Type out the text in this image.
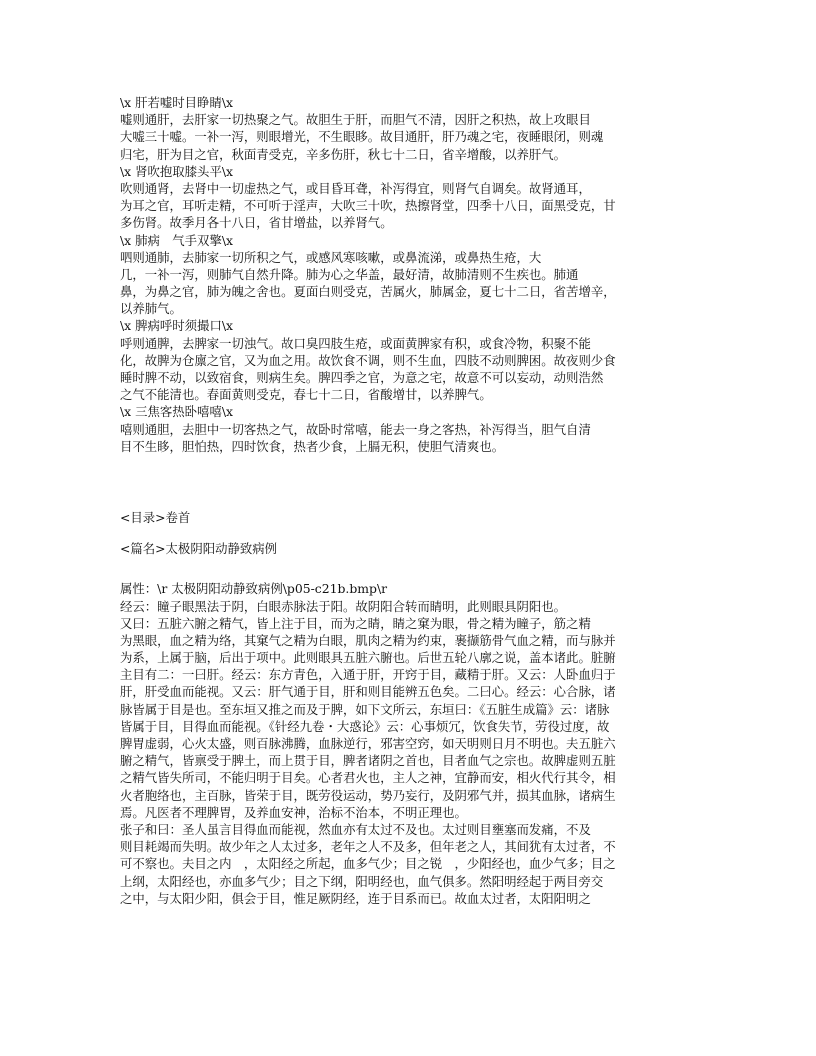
\x 肝若嘘时目睁睛\x
嘘则通肝，去肝家一切热聚之气。故胆生于肝，而胆气不清，因肝之积热，故上攻眼目
大嘘三十嘘。一补一泻，则眼增光，不生眼眵。故目通肝，肝乃魂之宅，夜睡眼闭，则魂
归宅，肝为目之官，秋面青受克，辛多伤肝，秋七十二日，省辛增酸，以养肝气。
\x 肾吹抱取膝头平\x
吹则通肾，去肾中一切虚热之气，或目昏耳聋，补泻得宜，则肾气自调矣。故肾通耳，
为耳之官，耳听走精，不可听于淫声，大吹三十吹，热擦肾堂，四季十八日，面黑受克，甘
多伤肾。故季月各十八日，省甘增盐，以养肾气。
\x 肺病　气手双擎\x
呬则通肺，去肺家一切所积之气，或感风寒咳嗽，或鼻流涕，或鼻热生疮，大
几，一补一泻，则肺气自然升降。肺为心之华盖，最好清，故肺清则不生疾也。肺通
鼻，为鼻之官，肺为魄之舍也。夏面白则受克，苦属火，肺属金，夏七十二日，省苦增辛，
以养肺气。
\x 脾病呼时须撮口\x
呼则通脾，去脾家一切浊气。故口臭四肢生疮，或面黄脾家有积，或食冷物，积聚不能
化，故脾为仓廪之官，又为血之用。故饮食不调，则不生血，四肢不动则脾困。故夜则少食
睡时脾不动，以致宿食，则病生矣。脾四季之官，为意之宅，故意不可以妄动，动则浩然
之气不能清也。春面黄则受克，春七十二日，省酸增甘，以养脾气。
\x 三焦客热卧嘻嘻\x
嘻则通胆，去胆中一切客热之气，故卧时常嘻，能去一身之客热，补泻得当，胆气自清
目不生眵，胆怕热，四时饮食，热者少食，上膈无积，使胆气清爽也。
<目录>卷首
<篇名>太极阴阳动静致病例
属性：\r 太极阴阳动静致病例\p05-c21b.bmp\r
经云：瞳子眼黑法于阴，白眼赤脉法于阳。故阴阳合转而睛明，此则眼具阴阳也。
又曰：五脏六腑之精气，皆上注于目，而为之睛，睛之窠为眼，骨之精为瞳子，筋之精
为黑眼，血之精为络，其窠气之精为白眼，肌肉之精为约束，裹撷筋骨气血之精，而与脉并
为系，上属于脑，后出于项中。此则眼具五脏六腑也。后世五轮八廓之说，盖本诸此。脏腑
主目有二：一曰肝。经云：东方青色，入通于肝，开窍于目，藏精于肝。又云：人卧血归于
肝，肝受血而能视。又云：肝气通于目，肝和则目能辨五色矣。二曰心。经云：心合脉，诸
脉皆属于目是也。至东垣又推之而及于脾，如下文所云，东垣曰：《五脏生成篇》云：诸脉
皆属于目，目得血而能视。《针经九卷・大惑论》云：心事烦冗，饮食失节，劳役过度，故
脾胃虚弱，心火太盛，则百脉沸腾，血脉逆行，邪害空窍，如天明则日月不明也。夫五脏六
腑之精气，皆禀受于脾土，而上贯于目，脾者诸阴之首也，目者血气之宗也。故脾虚则五脏
之精气皆失所司，不能归明于目矣。心者君火也，主人之神，宜静而安，相火代行其令，相
火者胞络也，主百脉，皆荣于目，既劳役运动，势乃妄行，及阴邪气并，损其血脉，诸病生
焉。凡医者不理脾胃，及养血安神，治标不治本，不明正理也。
张子和曰：圣人虽言目得血而能视，然血亦有太过不及也。太过则目壅塞而发痛，不及
则目耗竭而失明。故少年之人太过多，老年之人不及多，但年老之人，其间犹有太过者，不
可不察也。夫目之内　，太阳经之所起，血多气少；目之锐　，少阳经也，血少气多；目之
上纲，太阳经也，亦血多气少；目之下纲，阳明经也，血气俱多。然阳明经起于两目旁交
之中，与太阳少阳，俱会于目，惟足厥阴经，连于目系而已。故血太过者，太阳阳明之
